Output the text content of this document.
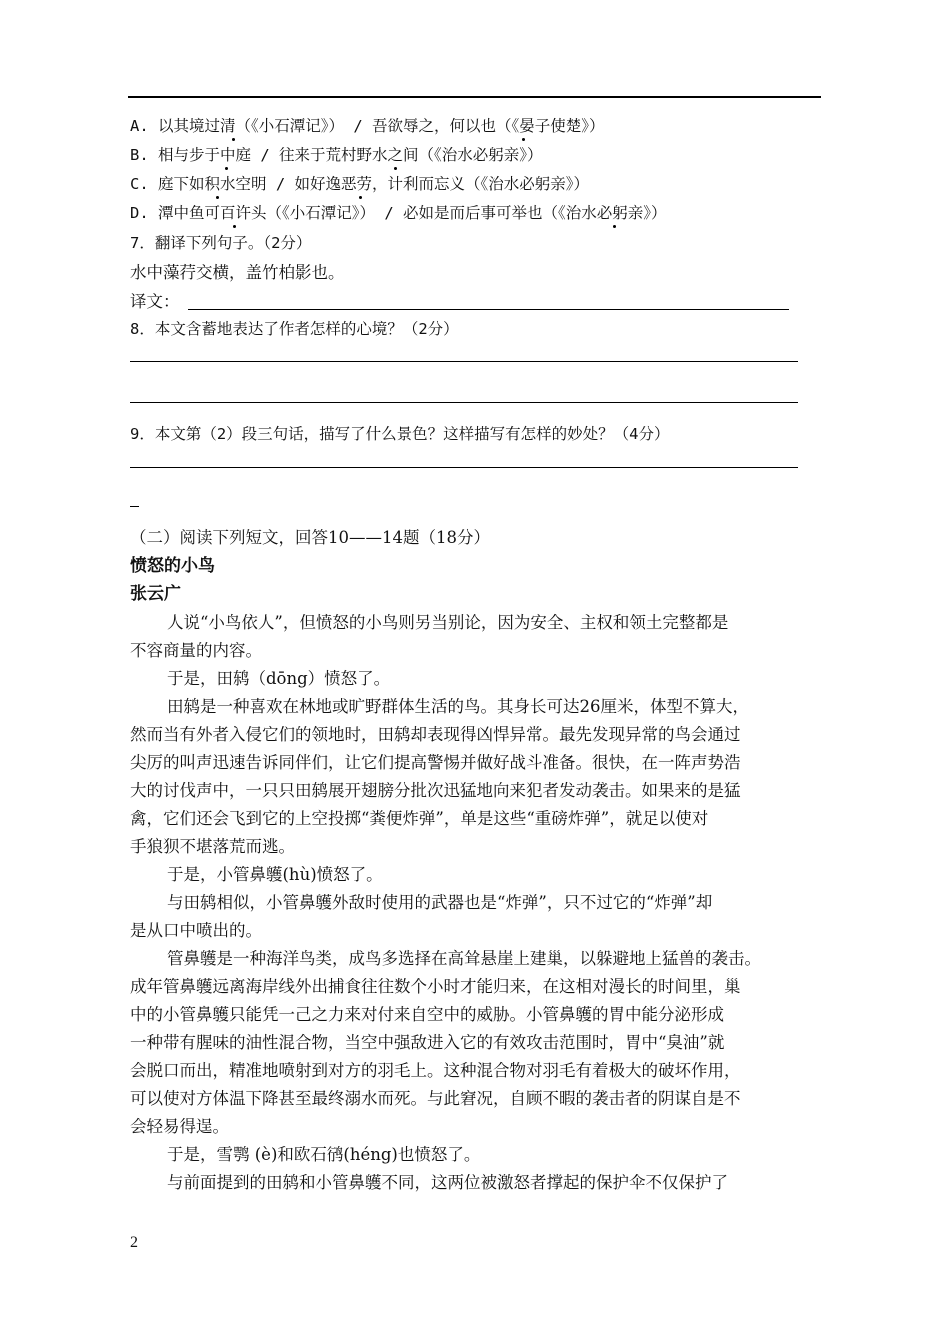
A. 以其境过清（《小石潭记》） / 吾欲辱之，何以也（《晏子使楚》）
B. 相与步于中庭 / 往来于荒村野水之间（《治水必躬亲》）
C. 庭下如积水空明 / 如好逸恶劳，计利而忘义（《治水必躬亲》）
D. 潭中鱼可百许头（《小石潭记》） / 必如是而后事可举也（《治水必躬亲》）
7．翻译下列句子。（2分）
水中藻荇交横，盖竹柏影也。
译文：
8．本文含蓄地表达了作者怎样的心境？（2分）
9．本文第（2）段三句话，描写了什么景色？这样描写有怎样的妙处？（4分）
（二）阅读下列短文，回答10——14题（18分）
愤怒的小鸟
张云广
人说“小鸟依人”，但愤怒的小鸟则另当别论，因为安全、主权和领土完整都是
不容商量的内容。
于是，田鸫（dōng）愤怒了。
田鸫是一种喜欢在林地或旷野群体生活的鸟。其身长可达26厘米，体型不算大，
然而当有外者入侵它们的领地时，田鸫却表现得凶悍异常。最先发现异常的鸟会通过
尖厉的叫声迅速告诉同伴们，让它们提高警惕并做好战斗准备。很快，在一阵声势浩
大的讨伐声中，一只只田鸫展开翅膀分批次迅猛地向来犯者发动袭击。如果来的是猛
禽，它们还会飞到它的上空投掷“粪便炸弹”，单是这些“重磅炸弹”，就足以使对
手狼狈不堪落荒而逃。
于是，小管鼻鹱(hù)愤怒了。
与田鸫相似，小管鼻鹱外敌时使用的武器也是“炸弹”，只不过它的“炸弹”却
是从口中喷出的。
管鼻鹱是一种海洋鸟类，成鸟多选择在高耸悬崖上建巢，以躲避地上猛兽的袭击。
成年管鼻鹱远离海岸线外出捕食往往数个小时才能归来，在这相对漫长的时间里，巢
中的小管鼻鹱只能凭一己之力来对付来自空中的威胁。小管鼻鹱的胃中能分泌形成
一种带有腥味的油性混合物，当空中强敌进入它的有效攻击范围时，胃中“臭油”就
会脱口而出，精准地喷射到对方的羽毛上。这种混合物对羽毛有着极大的破坏作用，
可以使对方体温下降甚至最终溺水而死。与此窘况，自顾不暇的袭击者的阴谋自是不
会轻易得逞。
于是，雪鹗 (è)和欧石鸻(héng)也愤怒了。
与前面提到的田鸫和小管鼻鹱不同，这两位被激怒者撑起的保护伞不仅保护了
2
